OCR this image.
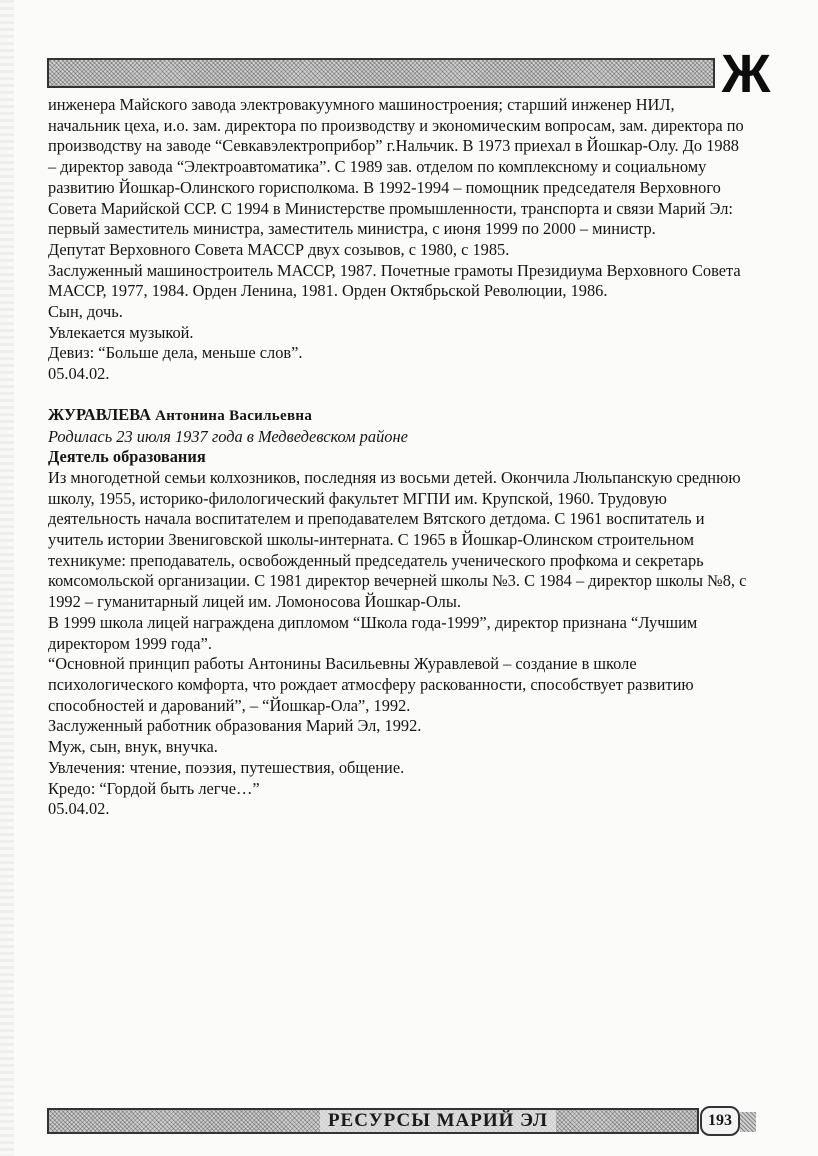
Ж

инженера Майского завода электровакуумного машиностроения; старший инженер НИЛ, начальник цеха, и.о. зам. директора по производству и экономическим вопросам, зам. директора по производству на заводе “Севкавэлектроприбор” г.Нальчик. В 1973 приехал в Йошкар-Олу. До 1988 – директор завода “Электроавтоматика”. С 1989 зав. отделом по комплексному и социальному развитию Йошкар-Олинского горисполкома. В 1992-1994 – помощник председателя Верховного Совета Марийской ССР. С 1994 в Министерстве промышленности, транспорта и связи Марий Эл: первый заместитель министра, заместитель министра, с июня 1999 по 2000 – министр.

Депутат Верховного Совета МАССР двух созывов, с 1980, с 1985.

Заслуженный машиностроитель МАССР, 1987. Почетные грамоты Президиума Верховного Совета МАССР, 1977, 1984. Орден Ленина, 1981. Орден Октябрьской Революции, 1986.

Сын, дочь.

Увлекается музыкой.

Девиз: “Больше дела, меньше слов”.

05.04.02.

ЖУРАВЛЕВА Антонина Васильевна

Родилась 23 июля 1937 года в Медведевском районе

Деятель образования

Из многодетной семьи колхозников, последняя из восьми детей. Окончила Люльпанскую среднюю школу, 1955, историко-филологический факультет МГПИ им. Крупской, 1960. Трудовую деятельность начала воспитателем и преподавателем Вятского детдома. С 1961 воспитатель и учитель истории Звениговской школы-интерната. С 1965 в Йошкар-Олинском строительном техникуме: преподаватель, освобожденный председатель ученического профкома и секретарь комсомольской организации. С 1981 директор вечерней школы №3. С 1984 – директор школы №8, с 1992 – гуманитарный лицей им. Ломоносова Йошкар-Олы.

В 1999 школа лицей награждена дипломом “Школа года-1999”, директор признана “Лучшим директором 1999 года”.

“Основной принцип работы Антонины Васильевны Журавлевой – создание в школе психологического комфорта, что рождает атмосферу раскованности, способствует развитию способностей и дарований”, – “Йошкар-Ола”, 1992.

Заслуженный работник образования Марий Эл, 1992.

Муж, сын, внук, внучка.

Увлечения: чтение, поэзия, путешествия, общение.

Кредо: “Гордой быть легче…”

05.04.02.

РЕСУРСЫ МАРИЙ ЭЛ	193
